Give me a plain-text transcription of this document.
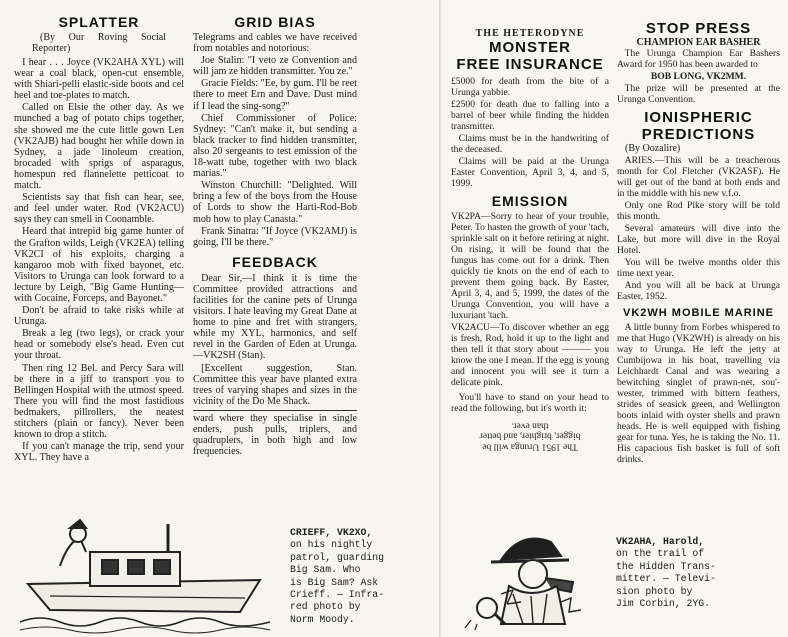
SPLATTER

(By Our Roving Social Reporter)

I hear . . . Joyce (VK2AHA XYL) will wear a coal black, open-cut ensemble, with Shiari-pelli elastic-side boots and cel heel and toe-plates to match.

Called on Elsie the other day. As we munched a bag of potato chips together, she showed me the cute little gown Len (VK2AJB) had bought her while down in Sydney, a jade linoleum creation, brocaded with sprigs of asparagus, homespun red flannelette petticoat to match.

Scientists say that fish can hear, see, and feel under water. Rod (VK2ACU) says they can smell in Coonamble.

Heard that intrepid big game hunter of the Grafton wilds, Leigh (VK2EA) telling VK2CI of his exploits, charging a kangaroo mob with fixed bayonet, etc. Visitors to Urunga can look forward to a lecture by Leigh, "Big Game Hunting—with Cocaine, Forceps, and Bayonet."

Don't be afraid to take risks while at Urunga.

Break a leg (two legs), or crack your head or somebody else's head. Even cut your throat.

Then ring 12 Bel. and Percy Sara will be there in a jiff to transport you to Bellingen Hospital with the utmost speed. There you will find the most fastidious bedmakers, pillrollers, the neatest stitchers (plain or fancy). Never been known to drop a stitch.

If you can't manage the trip, send your XYL. They have a

GRID BIAS

Telegrams and cables we have received from notables and notorious:

Joe Stalin: "I veto ze Convention and will jam ze hidden transmitter. You ze."

Gracie Fields: "Ee, by gum. I'll be reet there to meet Ern and Dave. Dust mind if I lead the sing-song?"

Chief Commissioner of Police: Sydney: "Can't make it, but sending a black tracker to find hidden transmitter, also 20 sergeants to test emission of the 18-watt tube, together with two black marias."

Winston Churchill: "Delighted. Will bring a few of the boys from the House of Lords to show the Harti-Rod-Bob mob how to play Canasta."

Frank Sinatra: "If Joyce (VK2AMJ) is going, I'll be there."

FEEDBACK

Dear Sir,—I think it is time the Committee provided attractions and facilities for the canine pets of Urunga visitors. I hate leaving my Great Dane at home to pine and fret with strangers, while my XYL, harmonics, and self revel in the Garden of Eden at Urunga.—VK2SH (Stan).

[Excellent suggestion, Stan. Committee this year have planted extra trees of varying shapes and sizes in the vicinity of the Do Me Shack.

ward where they specialise in single enders, push pulls, triplers, and quadruplers, in both high and low frequencies.

CRIEFF, VK2XO,

on his nightly

patrol, guarding

Big Sam. Who

is Big Sam? Ask

Crieff. — Infra-

red photo by

Norm Moody.

THE HETERODYNE
MONSTER
FREE INSURANCE

£5000 for death from the bite of a Urunga yabbie.

£2500 for death due to falling into a barrel of beer while finding the hidden transmitter.

Claims must be in the handwriting of the deceased.

Claims will be paid at the Urunga Easter Convention, April 3, 4, and 5, 1999.

EMISSION

VK2PA—Sorry to hear of your trouble, Peter. To hasten the growth of your 'tach, sprinkle salt on it before retiring at night. On rising, it will be found that the fungus has come out for a drink. Then quickly tie knots on the end of each to prevent them going back. By Easter, April 3, 4, and 5, 1999, the dates of the Urunga Convention, you will have a luxuriant 'tach.

VK2ACU—To discover whether an egg is fresh, Rod, hold it up to the light and then tell it that story about ——— you know the one I mean. If the egg is young and innocent you will see it turn a delicate pink.

You'll have to stand on your head to read the following, but it's worth it:

The 1951 Urunga will be
bigger, brighter, and better
than ever.
STOP PRESS
CHAMPION EAR BASHER

The Urunga Champion Ear Bashers Award for 1950 has been awarded to

BOB LONG, VK2MM.

The prize will be presented at the Urunga Convention.

IONISPHERIC
PREDICTIONS

(By Oozalire)

ARIES.—This will be a treacherous month for Col Fletcher (VK2ASF). He will get out of the band at both ends and in the middle with his new v.f.o.

Only one Rod Pike story will be told this month.

Several amateurs will dive into the Lake, but more will dive in the Royal Hotel.

You will be twelve months older this time next year.

And you will all be back at Urunga Easter, 1952.

VK2WH MOBILE MARINE

A little bunny from Forbes whispered to me that Hugo (VK2WH) is already on his way to Urunga. He left the jetty at Cumbijowa in his boat, travelling via Leichhardt Canal and was wearing a bewitching singlet of prawn-net, sou'-wester, trimmed with bittern feathers, strides of seasick green, and Wellington boots inlaid with oyster shells and prawn heads. He is well equipped with fishing gear for tuna. Yes, he is taking the No. 11. His capacious fish basket is full of soft drinks.

VK2AHA, Harold,

on the trail of

the Hidden Trans-

mitter. — Televi-

sion photo by

Jim Corbin, 2YG.
